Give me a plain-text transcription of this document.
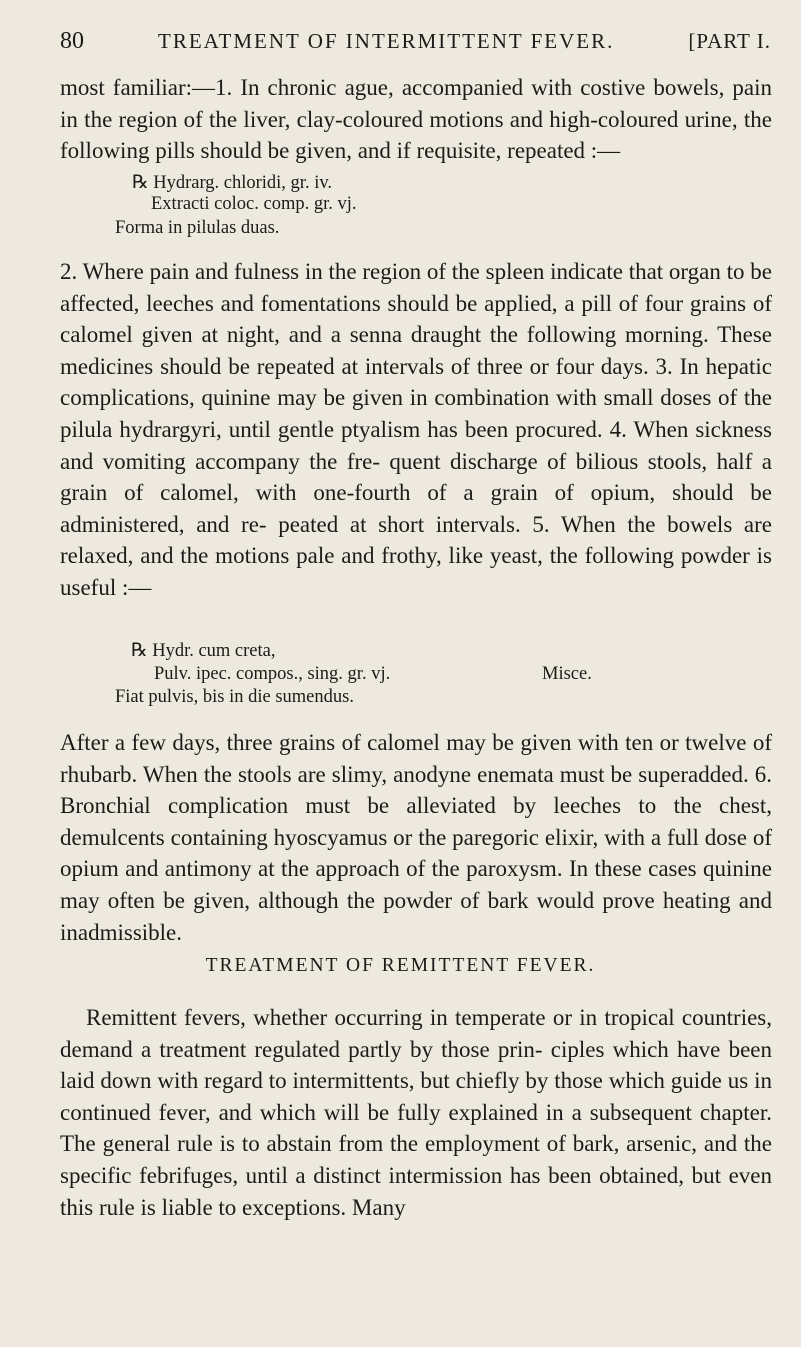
80	TREATMENT OF INTERMITTENT FEVER.	[PART I.

most familiar:—1. In chronic ague, accompanied with costive bowels, pain in the region of the liver, clay-coloured motions and high-coloured urine, the following pills should be given, and if requisite, repeated :—

℞ Hydrarg. chloridi, gr. iv.
Extracti coloc. comp. gr. vj.
Forma in pilulas duas.

2. Where pain and fulness in the region of the spleen indicate that organ to be affected, leeches and fomentations should be applied, a pill of four grains of calomel given at night, and a senna draught the following morning. These medicines should be repeated at intervals of three or four days. 3. In hepatic complications, quinine may be given in combination with small doses of the pilula hydrargyri, until gentle ptyalism has been procured. 4. When sickness and vomiting accompany the fre- quent discharge of bilious stools, half a grain of calomel, with one-fourth of a grain of opium, should be administered, and re- peated at short intervals. 5. When the bowels are relaxed, and the motions pale and frothy, like yeast, the following powder is useful :—

℞ Hydr. cum creta,
Pulv. ipec. compos., sing. gr. vj.	Misce.
Fiat pulvis, bis in die sumendus.

After a few days, three grains of calomel may be given with ten or twelve of rhubarb. When the stools are slimy, anodyne enemata must be superadded. 6. Bronchial complication must be alleviated by leeches to the chest, demulcents containing hyoscyamus or the paregoric elixir, with a full dose of opium and antimony at the approach of the paroxysm. In these cases quinine may often be given, although the powder of bark would prove heating and inadmissible.

TREATMENT OF REMITTENT FEVER.

Remittent fevers, whether occurring in temperate or in tropical countries, demand a treatment regulated partly by those prin- ciples which have been laid down with regard to intermittents, but chiefly by those which guide us in continued fever, and which will be fully explained in a subsequent chapter. The general rule is to abstain from the employment of bark, arsenic, and the specific febrifuges, until a distinct intermission has been obtained, but even this rule is liable to exceptions. Many
